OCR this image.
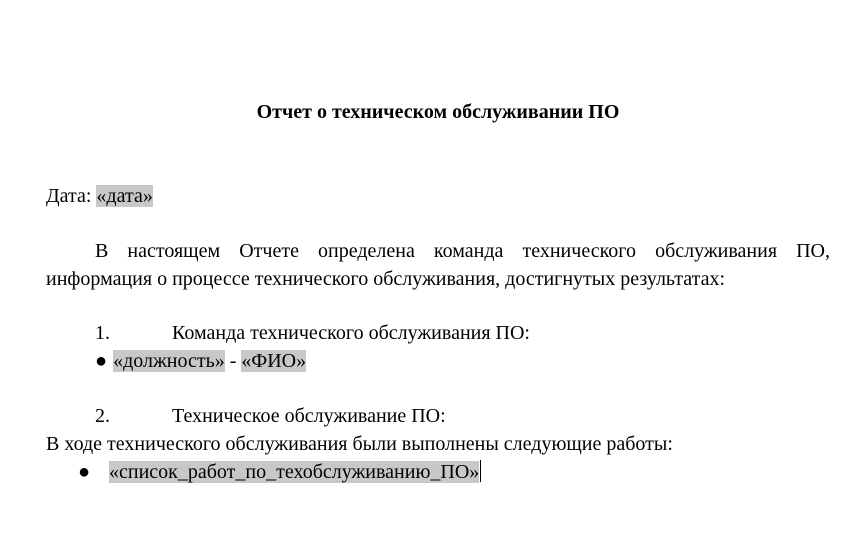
Отчет о техническом обслуживании ПО
Дата: «дата»
В настоящем Отчете определена команда технического обслуживания ПО,
информация о процессе технического обслуживания, достигнутых результатах:
1.	Команда технического обслуживания ПО:
● «должность» - «ФИО»
2.	Техническое обслуживание ПО:
В ходе технического обслуживания были выполнены следующие работы:
● «список_работ_по_техобслуживанию_ПО»
